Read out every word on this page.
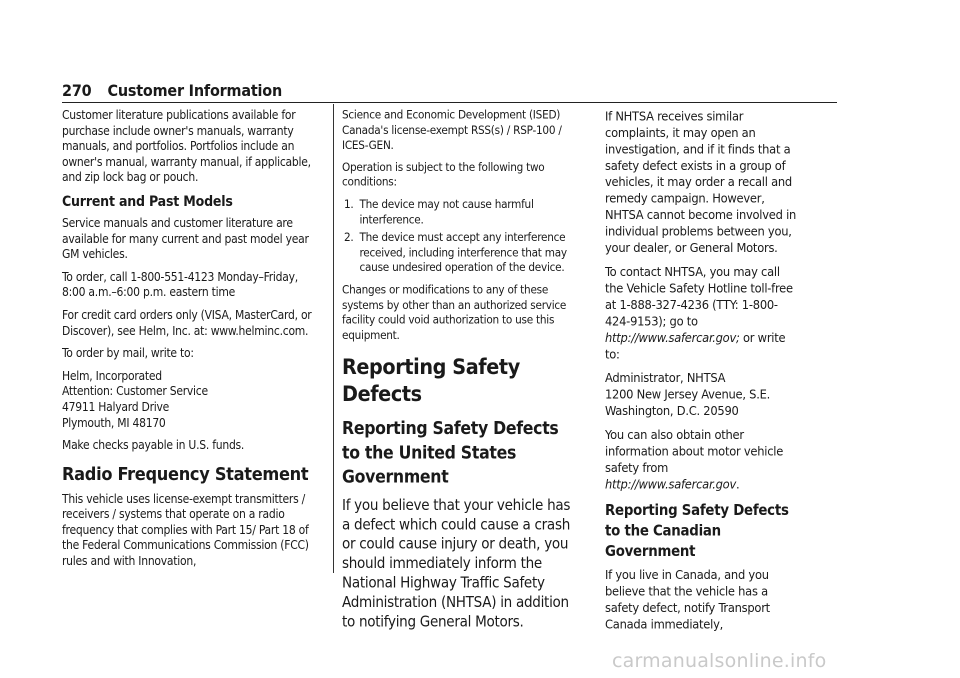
270 Customer Information

Customer literature publications available for purchase include owner's manuals, warranty manuals, and portfolios. Portfolios include an owner's manual, warranty manual, if applicable, and zip lock bag or pouch.

Current and Past Models

Service manuals and customer literature are available for many current and past model year GM vehicles.

To order, call 1-800-551-4123 Monday–Friday, 8:00 a.m.–6:00 p.m. eastern time

For credit card orders only (VISA, MasterCard, or Discover), see Helm, Inc. at: www.helminc.com.

To order by mail, write to:

Helm, Incorporated
Attention: Customer Service
47911 Halyard Drive
Plymouth, MI 48170

Make checks payable in U.S. funds.

Radio Frequency Statement

This vehicle uses license-exempt transmitters / receivers / systems that operate on a radio frequency that complies with Part 15/ Part 18 of the Federal Communications Commission (FCC) rules and with Innovation,

Science and Economic Development (ISED) Canada's license-exempt RSS(s) / RSP-100 / ICES-GEN.

Operation is subject to the following two conditions:

1. The device may not cause harmful interference.
2. The device must accept any interference received, including interference that may cause undesired operation of the device.

Changes or modifications to any of these systems by other than an authorized service facility could void authorization to use this equipment.

Reporting Safety Defects
Reporting Safety Defects to the United States Government

If you believe that your vehicle has a defect which could cause a crash or could cause injury or death, you should immediately inform the National Highway Traffic Safety Administration (NHTSA) in addition to notifying General Motors.

If NHTSA receives similar complaints, it may open an investigation, and if it finds that a safety defect exists in a group of vehicles, it may order a recall and remedy campaign. However, NHTSA cannot become involved in individual problems between you, your dealer, or General Motors.

To contact NHTSA, you may call the Vehicle Safety Hotline toll-free at 1-888-327-4236 (TTY: 1-800-424-9153); go to http://www.safercar.gov; or write to:

Administrator, NHTSA
1200 New Jersey Avenue, S.E.
Washington, D.C. 20590

You can also obtain other information about motor vehicle safety from http://www.safercar.gov.

Reporting Safety Defects to the Canadian Government

If you live in Canada, and you believe that the vehicle has a safety defect, notify Transport Canada immediately,

carmanualsonline.info
